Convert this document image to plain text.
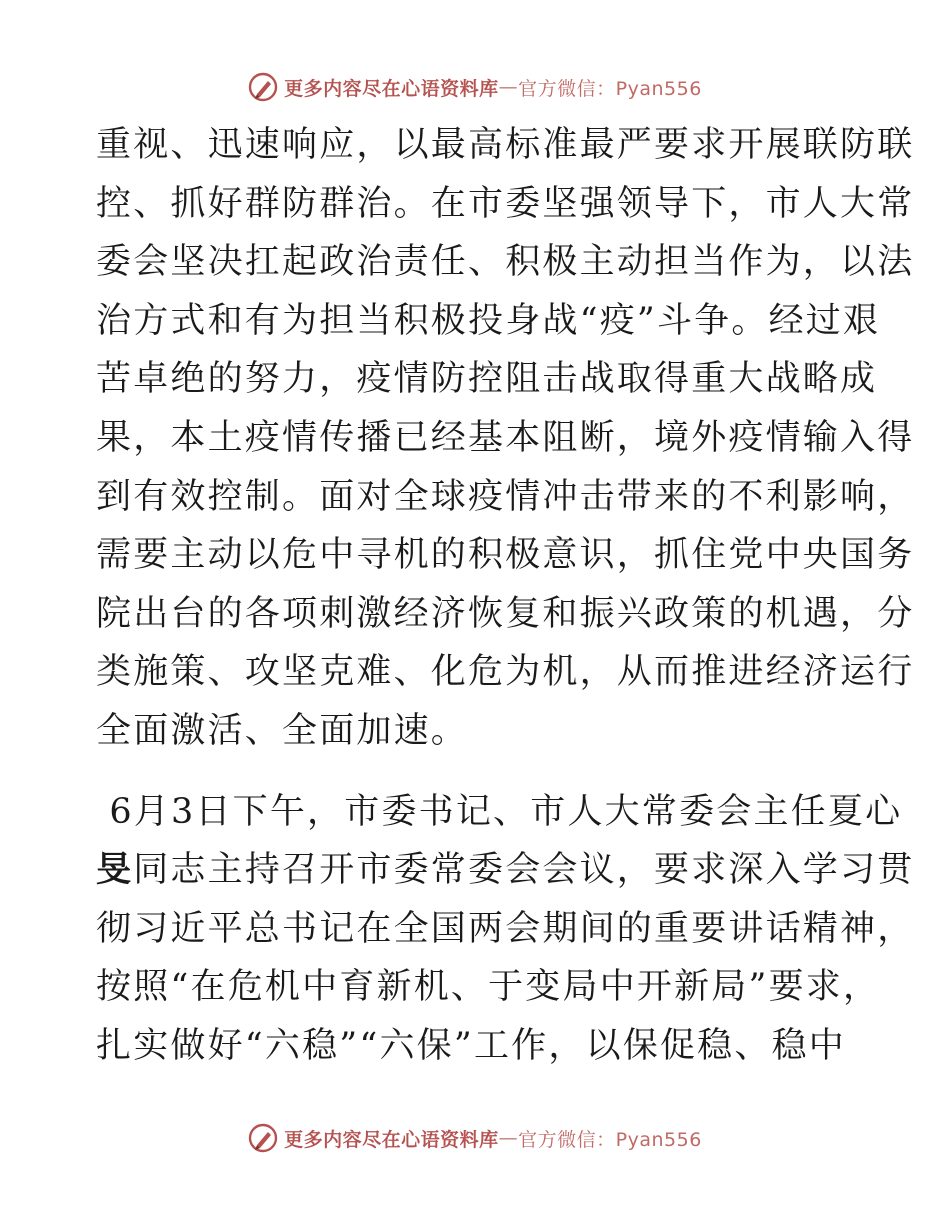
更多内容尽在心语资料库 — 官方微信：Pyan556

重视、迅速响应，以最高标准最严要求开展联防联
控、抓好群防群治。在市委坚强领导下，市人大常
委会坚决扛起政治责任、积极主动担当作为，以法
治方式和有为担当积极投身战“疫”斗争。经过艰
苦卓绝的努力，疫情防控阻击战取得重大战略成
果，本土疫情传播已经基本阻断，境外疫情输入得
到有效控制。面对全球疫情冲击带来的不利影响，
需要主动以危中寻机的积极意识，抓住党中央国务
院出台的各项刺激经济恢复和振兴政策的机遇，分
类施策、攻坚克难、化危为机，从而推进经济运行
全面激活、全面加速。

6月3日下午，市委书记、市人大常委会主任夏心
旻同志主持召开市委常委会会议，要求深入学习贯
彻习近平总书记在全国两会期间的重要讲话精神，
按照“在危机中育新机、于变局中开新局”要求，
扎实做好“六稳”“六保”工作，以保促稳、稳中

更多内容尽在心语资料库 — 官方微信：Pyan556
